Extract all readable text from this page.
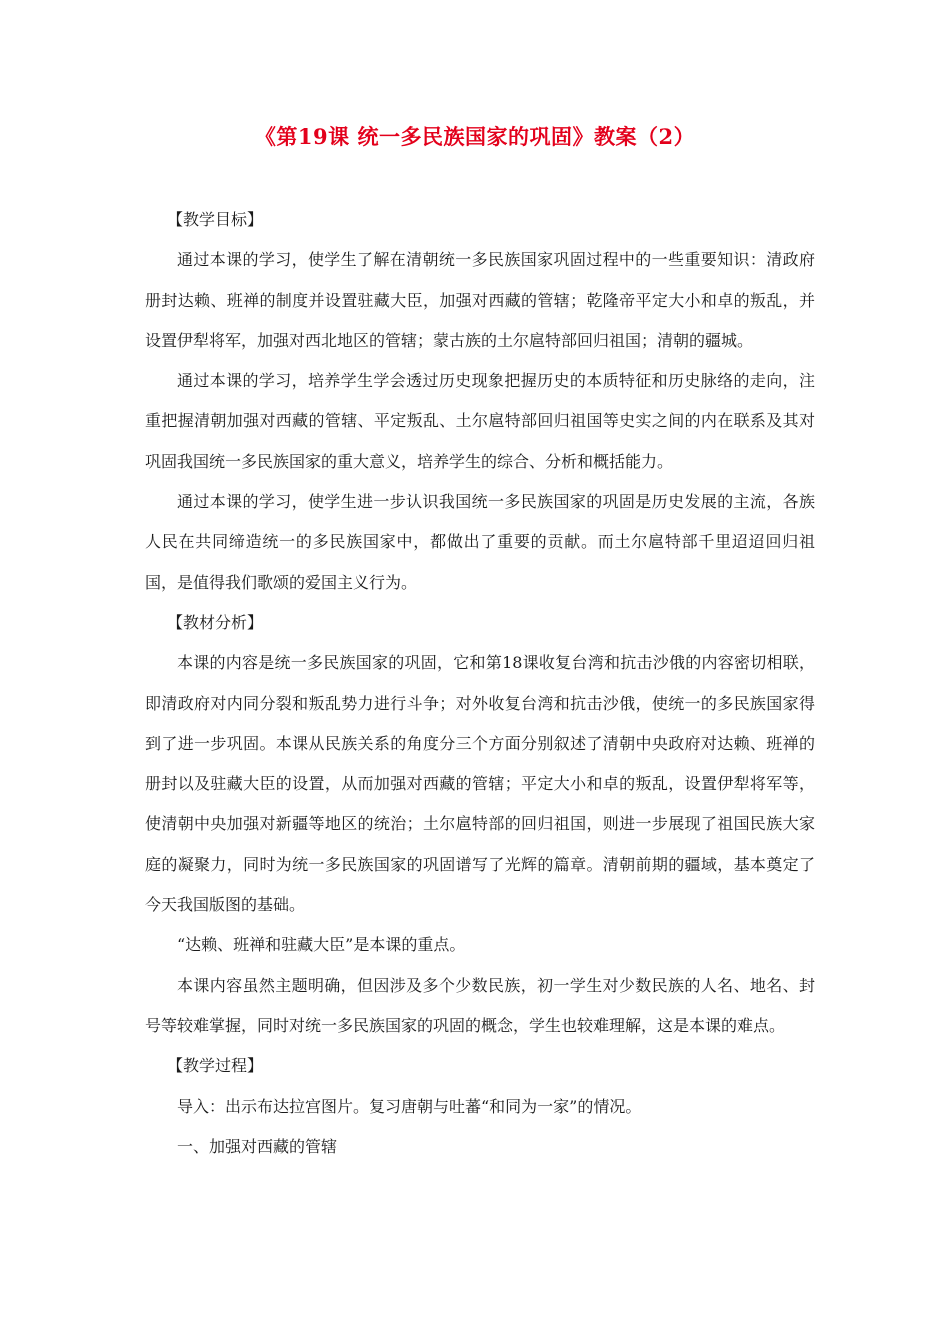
《第19课 统一多民族国家的巩固》教案（2）

【教学目标】

通过本课的学习，使学生了解在清朝统一多民族国家巩固过程中的一些重要知识：清政府册封达赖、班禅的制度并设置驻藏大臣，加强对西藏的管辖；乾隆帝平定大小和卓的叛乱，并设置伊犁将军，加强对西北地区的管辖；蒙古族的土尔扈特部回归祖国；清朝的疆城。

通过本课的学习，培养学生学会透过历史现象把握历史的本质特征和历史脉络的走向，注重把握清朝加强对西藏的管辖、平定叛乱、土尔扈特部回归祖国等史实之间的内在联系及其对巩固我国统一多民族国家的重大意义，培养学生的综合、分析和概括能力。

通过本课的学习，使学生进一步认识我国统一多民族国家的巩固是历史发展的主流，各族人民在共同缔造统一的多民族国家中，都做出了重要的贡献。而土尔扈特部千里迢迢回归祖国，是值得我们歌颂的爱国主义行为。

【教材分析】

本课的内容是统一多民族国家的巩固，它和第18课收复台湾和抗击沙俄的内容密切相联，即清政府对内同分裂和叛乱势力进行斗争；对外收复台湾和抗击沙俄，使统一的多民族国家得到了进一步巩固。本课从民族关系的角度分三个方面分别叙述了清朝中央政府对达赖、班禅的册封以及驻藏大臣的设置，从而加强对西藏的管辖；平定大小和卓的叛乱，设置伊犁将军等，使清朝中央加强对新疆等地区的统治；土尔扈特部的回归祖国，则进一步展现了祖国民族大家庭的凝聚力，同时为统一多民族国家的巩固谱写了光辉的篇章。清朝前期的疆域，基本奠定了今天我国版图的基础。

“达赖、班禅和驻藏大臣”是本课的重点。

本课内容虽然主题明确，但因涉及多个少数民族，初一学生对少数民族的人名、地名、封号等较难掌握，同时对统一多民族国家的巩固的概念，学生也较难理解，这是本课的难点。

【教学过程】

导入：出示布达拉宫图片。复习唐朝与吐蕃“和同为一家”的情况。

一、加强对西藏的管辖
